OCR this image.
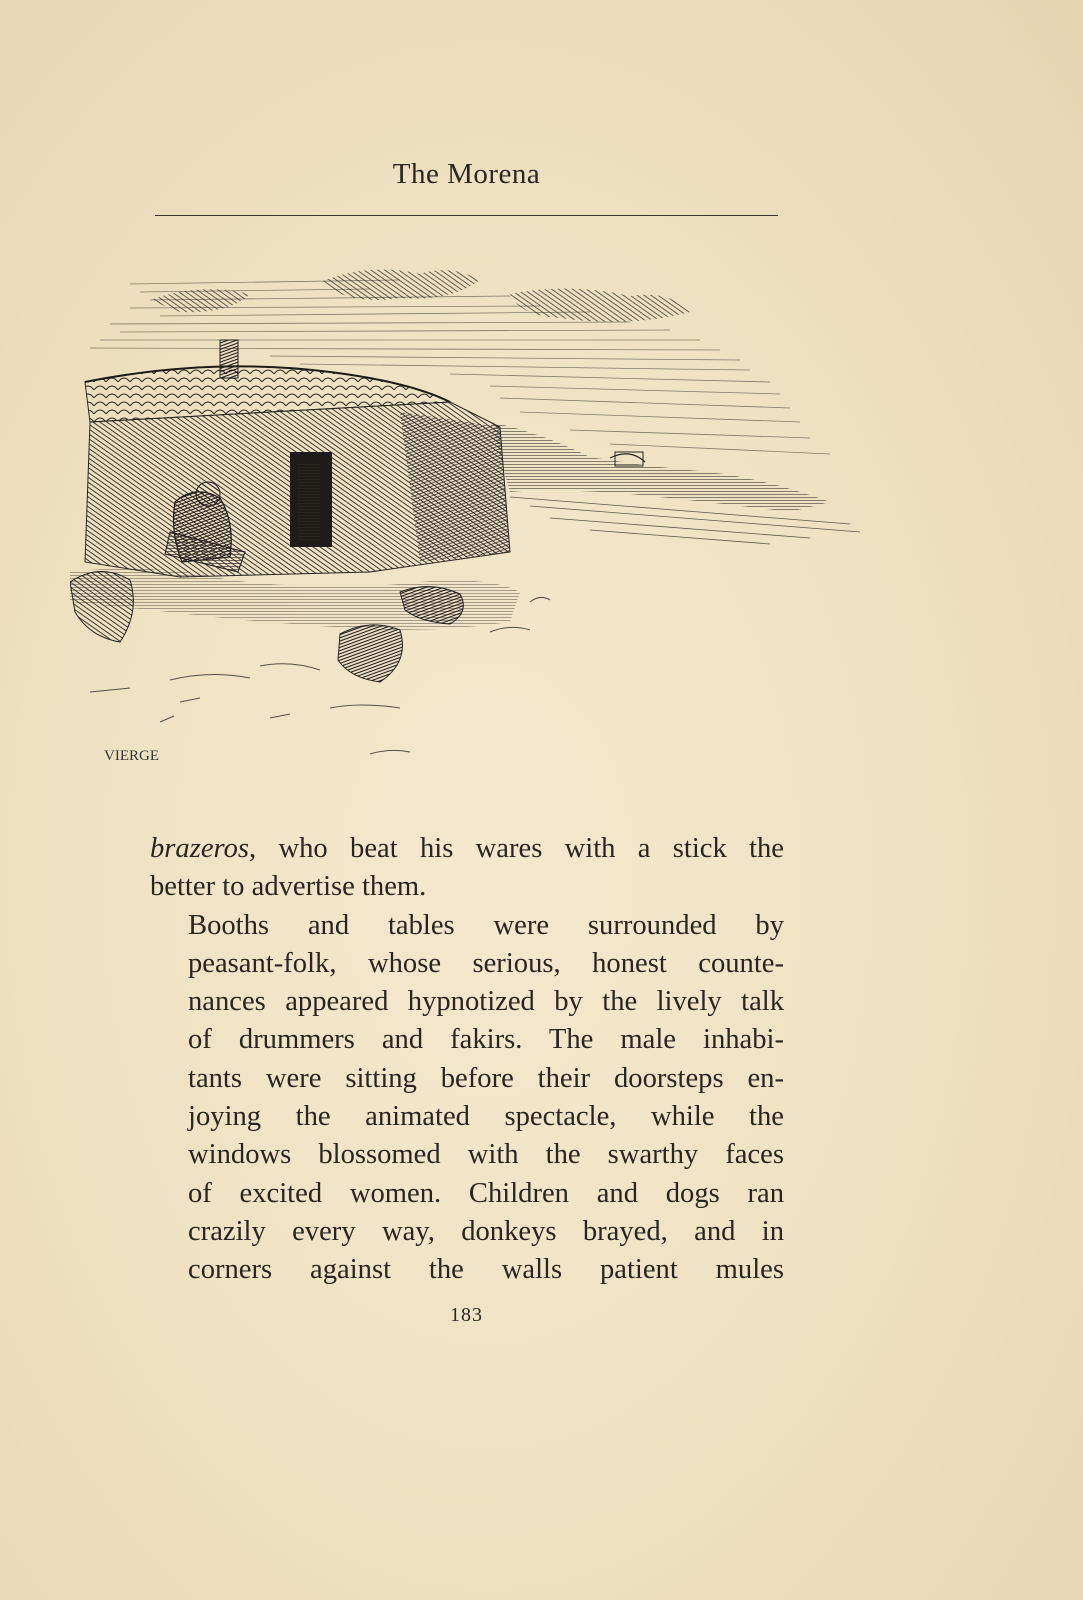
The Morena
VIERGE

brazeros, who beat his wares with a stick the
better to advertise them.

Booths and tables were surrounded by
peasant-folk, whose serious, honest counte-
nances appeared hypnotized by the lively talk
of drummers and fakirs. The male inhabi-
tants were sitting before their doorsteps en-
joying the animated spectacle, while the
windows blossomed with the swarthy faces
of excited women. Children and dogs ran
crazily every way, donkeys brayed, and in
corners against the walls patient mules

183
